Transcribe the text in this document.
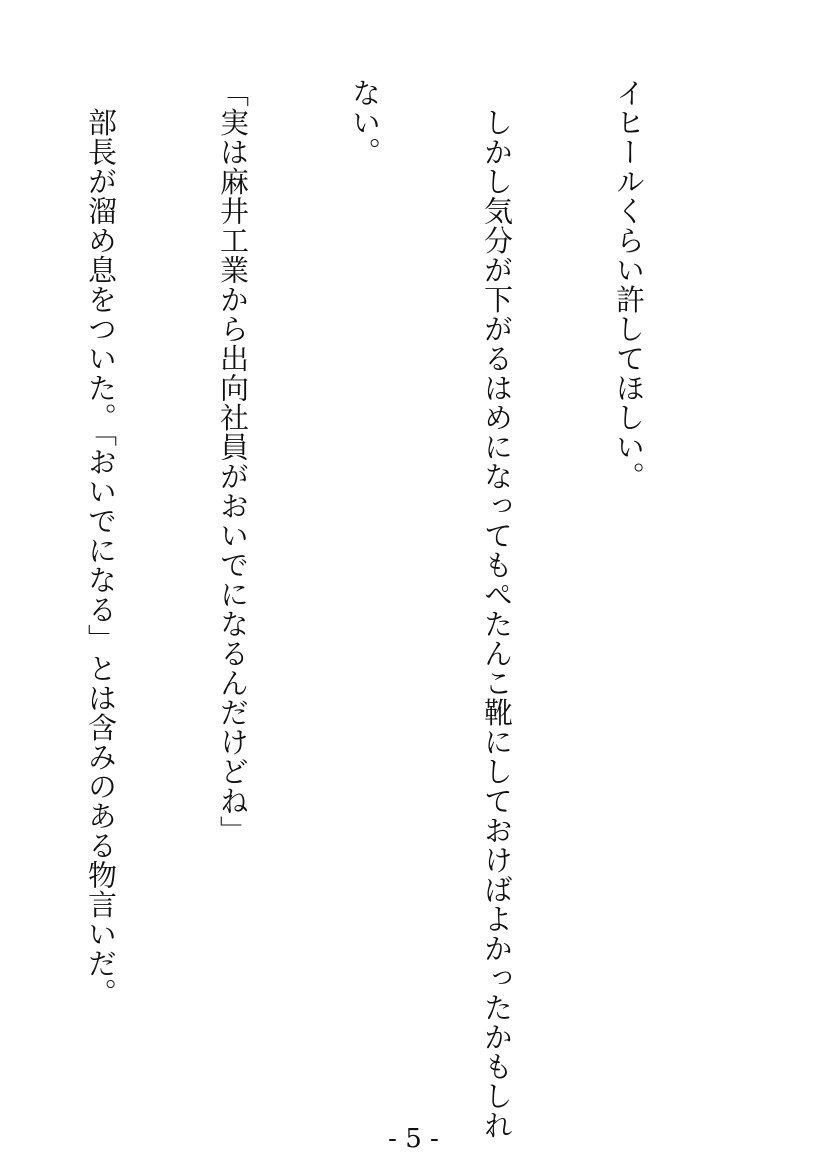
イヒールくらい許してほしい。

　しかし気分が下がるはめになってもぺたんこ靴にしておけばよかったかもしれ

ない。

「実は麻井工業から出向社員がおいでになるんだけどね」

　部長が溜め息をついた。「おいでになる」とは含みのある物言いだ。

- 5 -
